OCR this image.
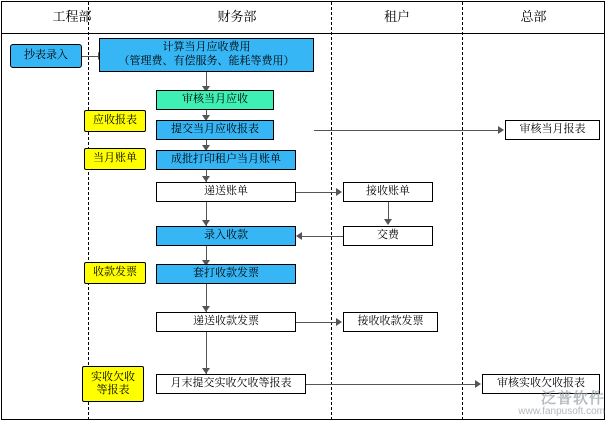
工程部	财务部	租户	总部
抄表录入
计算当月应收费用
（管理费、有偿服务、能耗等费用）
审核当月应收
提交当月应收报表
成批打印租户当月账单
递送账单	接收账单
交费
录入收款
套打收款发票
递送收款发票	接收收款发票
月末提交实收欠收等报表
审核当月报表
审核实收欠收报表
应收报表
当月账单
收款发票
实收欠收
等报表	泛普软件
www.fanpusoft.com
